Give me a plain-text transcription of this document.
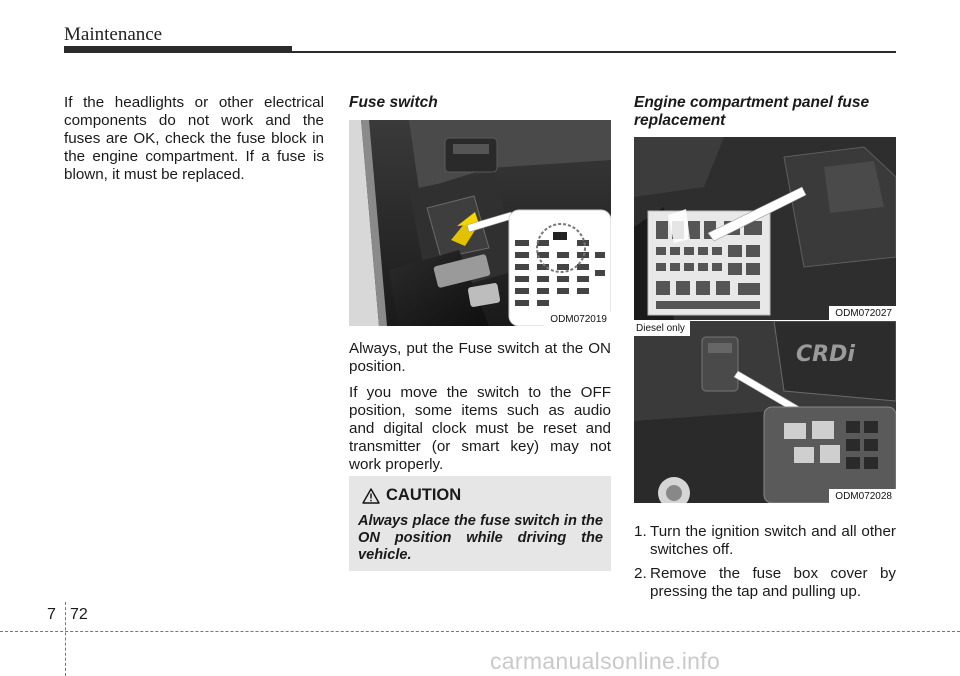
Maintenance

If the headlights or other electrical components do not work and the fuses are OK, check the fuse block in the engine compartment. If a fuse is blown, it must be replaced.

Fuse switch
ODM072019

Always, put the Fuse switch at the ON position.

If you move the switch to the OFF position, some items such as audio and digital clock must be reset and transmitter (or smart key) may not work properly.

CAUTION

Always place the fuse switch in the ON position while driving the vehicle.

Engine compartment panel fuse replacement
ODM072027
CRDi
Diesel only
ODM072028
1. Turn the ignition switch and all other switches off.
2. Remove the fuse box cover by pressing the tap and pulling up.
7 72
carmanualsonline.info
